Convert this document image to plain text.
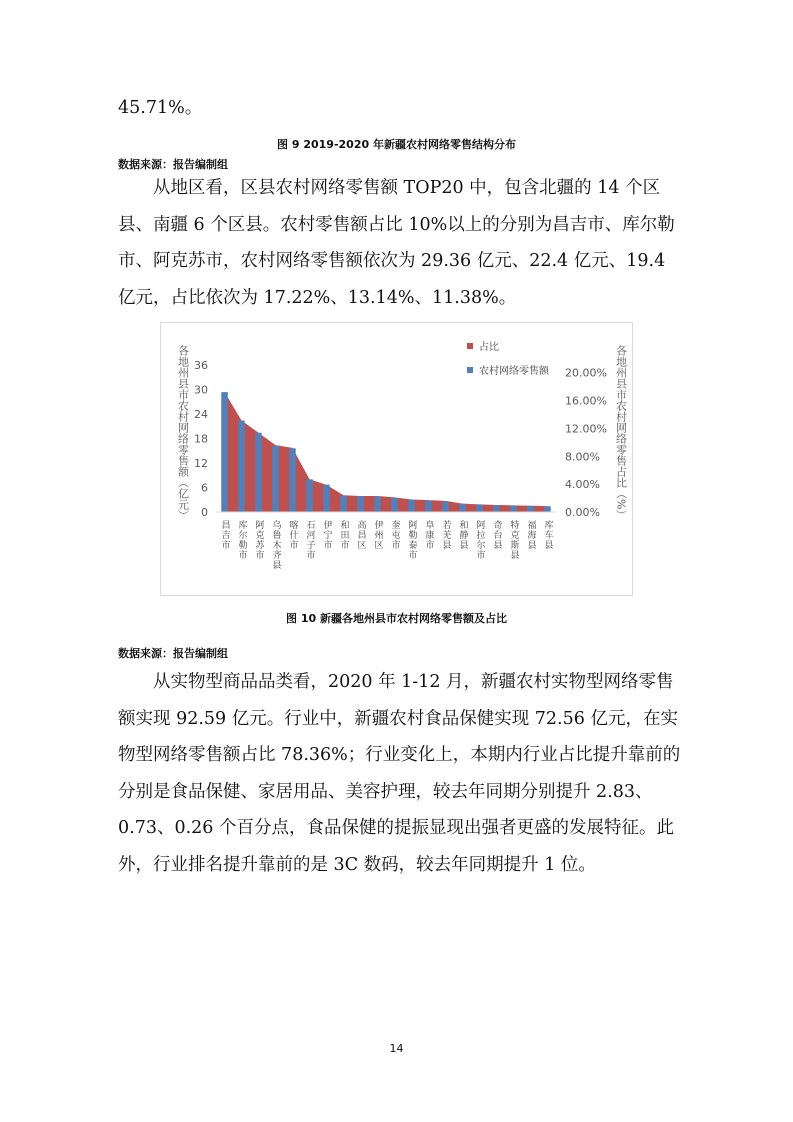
45.71%。

图 9 2019-2020 年新疆农村网络零售结构分布
数据来源：报告编制组

从地区看，区县农村网络零售额 TOP20 中，包含北疆的 14 个区县、南疆 6 个区县。农村零售额占比 10%以上的分别为昌吉市、库尔勒市、阿克苏市，农村网络零售额依次为 29.36 亿元、22.4 亿元、19.4 亿元，占比依次为 17.22%、13.14%、11.38%。

0
6
12
18
24
30
36
0.00%
4.00%
8.00%
12.00%
16.00%
20.00%
昌吉市 库尔勒市 阿克苏市 乌鲁木齐县 喀什市 石河子市 伊宁市 和田市 高昌区 伊州区 奎屯市 阿勒泰市 阜康市 若羌县 和静县 阿拉尔市 奇台县 特克斯县 福海县 库车县
各地州县市农村网络零售额（亿元）	各地州县市农村网络零售占比（%）
占比
农村网络零售额
图 10 新疆各地州县市农村网络零售额及占比
数据来源：报告编制组

从实物型商品品类看，2020 年 1-12 月，新疆农村实物型网络零售额实现 92.59 亿元。行业中，新疆农村食品保健实现 72.56 亿元，在实物型网络零售额占比 78.36%；行业变化上，本期内行业占比提升靠前的分别是食品保健、家居用品、美容护理，较去年同期分别提升 2.83、0.73、0.26 个百分点，食品保健的提振显现出强者更盛的发展特征。此外，行业排名提升靠前的是 3C 数码，较去年同期提升 1 位。

14
